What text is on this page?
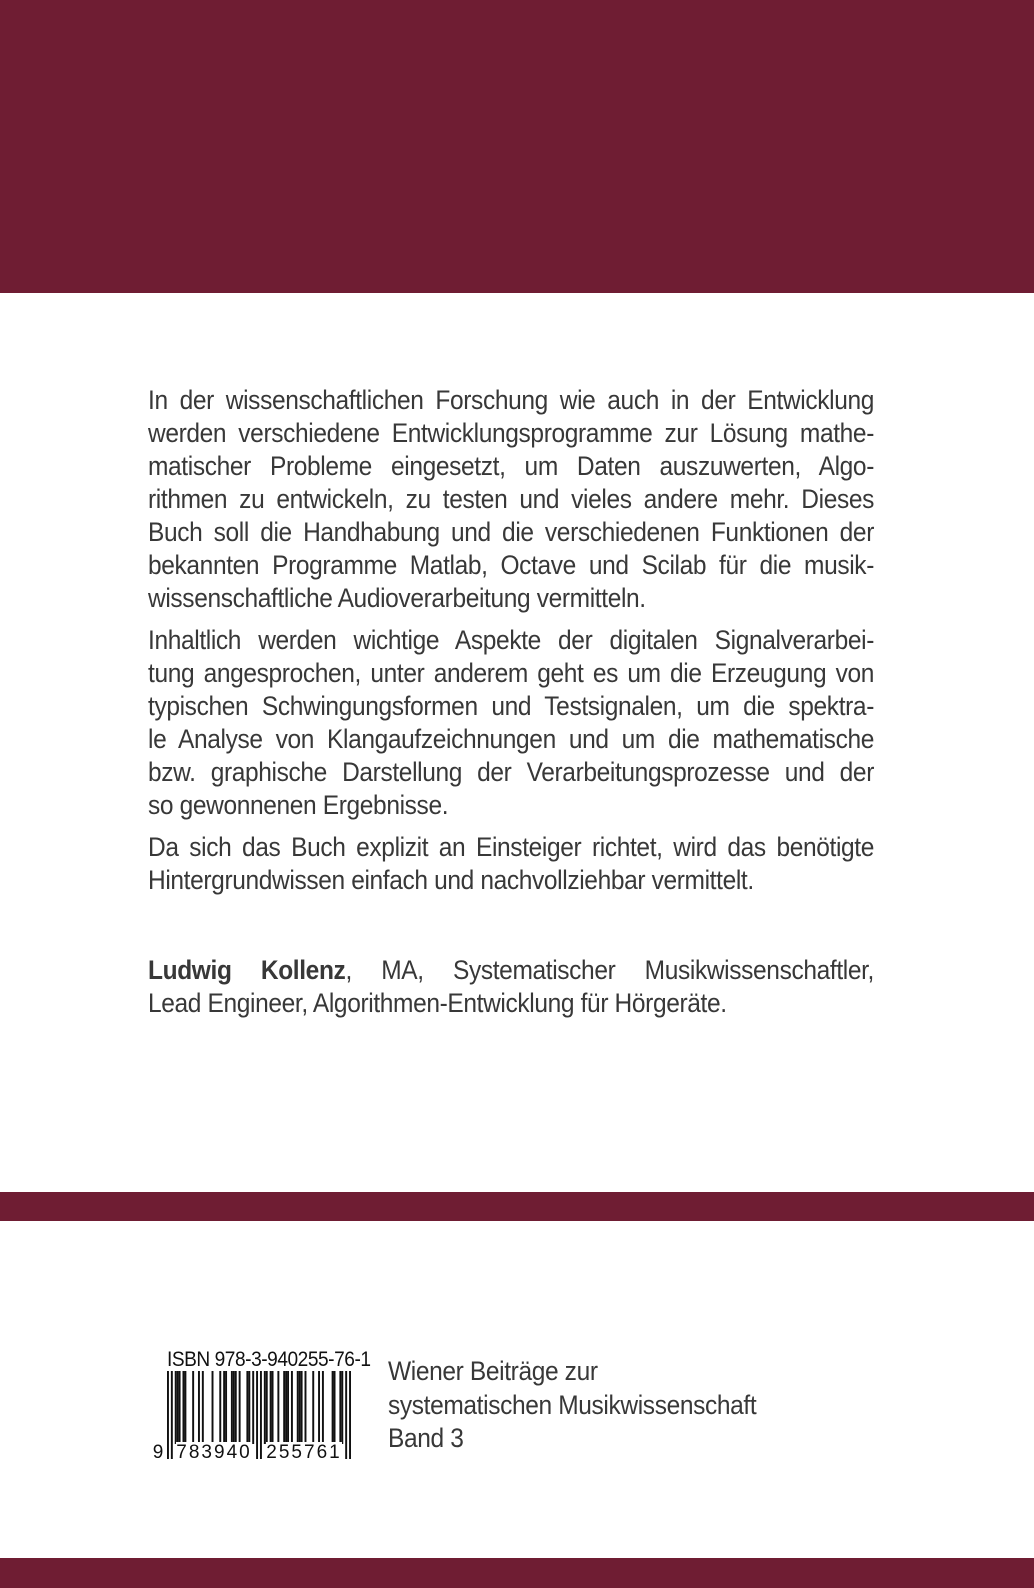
In der wissenschaftlichen Forschung wie auch in der Entwicklung
werden verschiedene Entwicklungsprogramme zur Lösung mathe-
matischer Probleme eingesetzt, um Daten auszuwerten, Algo-
rithmen zu entwickeln, zu testen und vieles andere mehr. Dieses
Buch soll die Handhabung und die verschiedenen Funktionen der
bekannten Programme Matlab, Octave und Scilab für die musik-
wissenschaftliche Audioverarbeitung vermitteln.
Inhaltlich werden wichtige Aspekte der digitalen Signalverarbei-
tung angesprochen, unter anderem geht es um die Erzeugung von
typischen Schwingungsformen und Testsignalen, um die spektra-
le Analyse von Klangaufzeichnungen und um die mathematische
bzw. graphische Darstellung der Verarbeitungsprozesse und der
so gewonnenen Ergebnisse.
Da sich das Buch explizit an Einsteiger richtet, wird das benötigte
Hintergrundwissen einfach und nachvollziehbar vermittelt.
Ludwig Kollenz, MA, Systematischer Musikwissenschaftler,
Lead Engineer, Algorithmen-Entwicklung für Hörgeräte.
ISBN 978-3-940255-76-1
9 783940 255761
Wiener Beiträge zur
systematischen Musikwissenschaft
Band 3
